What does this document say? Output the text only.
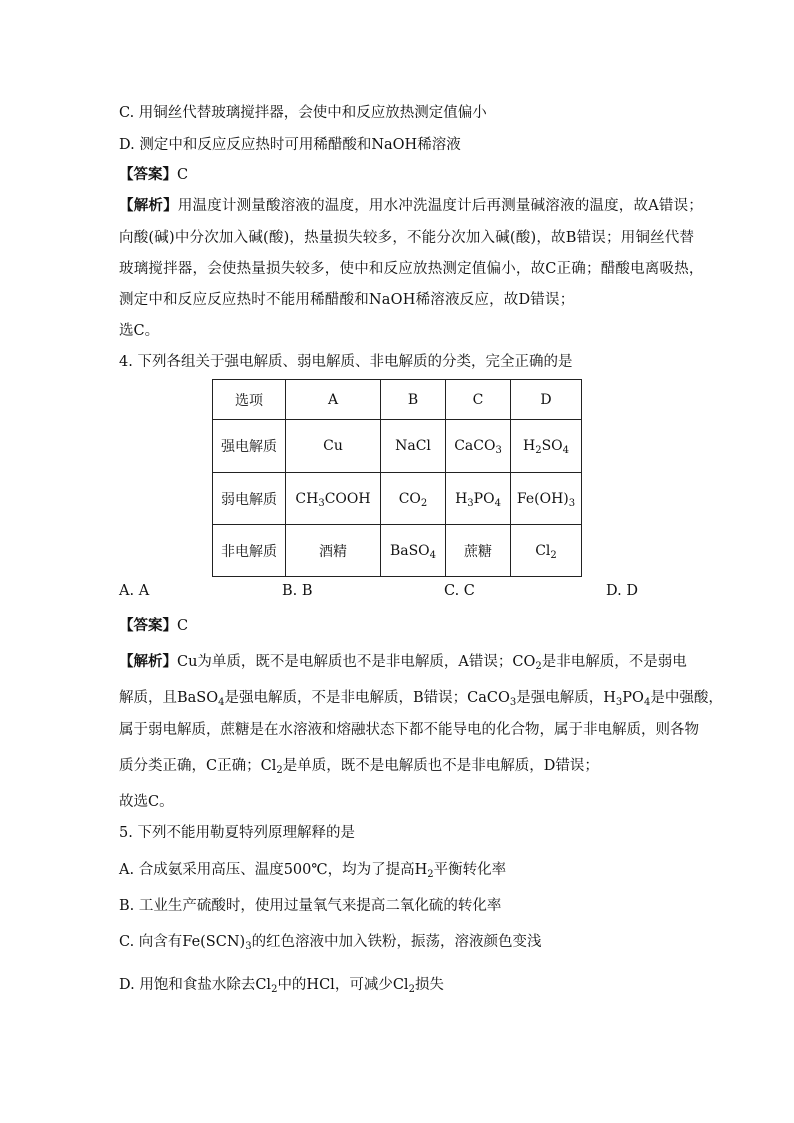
C. 用铜丝代替玻璃搅拌器，会使中和反应放热测定值偏小
D. 测定中和反应反应热时可用稀醋酸和NaOH稀溶液
【答案】C
【解析】用温度计测量酸溶液的温度，用水冲洗温度计后再测量碱溶液的温度，故A错误；
向酸(碱)中分次加入碱(酸)，热量损失较多，不能分次加入碱(酸)，故B错误；用铜丝代替
玻璃搅拌器，会使热量损失较多，使中和反应放热测定值偏小，故C正确；醋酸电离吸热，
测定中和反应反应热时不能用稀醋酸和NaOH稀溶液反应，故D错误；
选C。
4. 下列各组关于强电解质、弱电解质、非电解质的分类，完全正确的是
选项	A	B	C	D
强电解质	Cu	NaCl	CaCO$_3$	$H_2SO_4$
弱电解质	$CH_3COOH$	$CO_2$	$H_3PO_4$	$Fe(OH)_3$
非电解质	酒精	BaSO$_4$	蔗糖	$Cl_2$
A. A	B. B	C. C	D. D
【答案】C
【解析】Cu为单质，既不是电解质也不是非电解质，A错误；$CO_2$是非电解质，不是弱电
解质，且BaSO$_4$是强电解质，不是非电解质，B错误；CaCO$_3$是强电解质，$H_3PO_4$是中强酸，
属于弱电解质，蔗糖是在水溶液和熔融状态下都不能导电的化合物，属于非电解质，则各物
质分类正确，C正确；$Cl_2$是单质，既不是电解质也不是非电解质，D错误；
故选C。
5. 下列不能用勒夏特列原理解释的是
A. 合成氨采用高压、温度500℃，均为了提高$H_2$平衡转化率
B. 工业生产硫酸时，使用过量氧气来提高二氧化硫的转化率
C. 向含有$Fe(SCN)_3$的红色溶液中加入铁粉，振荡，溶液颜色变浅
D. 用饱和食盐水除去$Cl_2$中的HCl，可减少$Cl_2$损失
